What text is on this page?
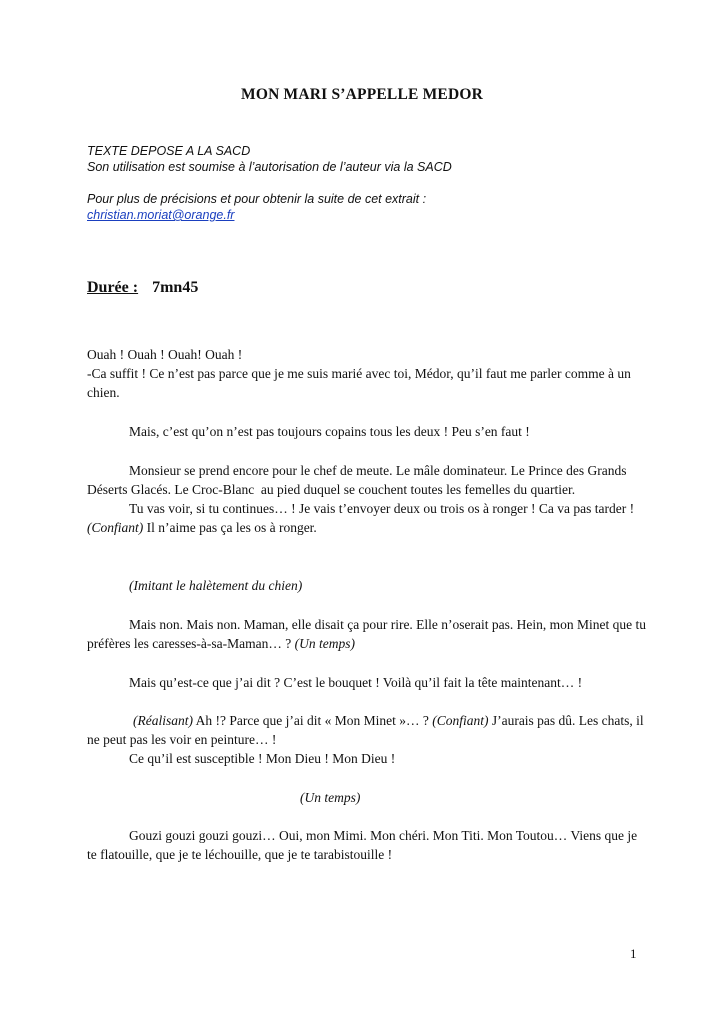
MON MARI S’APPELLE MEDOR

TEXTE DEPOSE A LA SACD

Son utilisation est soumise à l’autorisation de l’auteur via la SACD

Pour plus de précisions et pour obtenir la suite de cet extrait :

christian.moriat@orange.fr

Durée : 7mn45

Ouah ! Ouah ! Ouah! Ouah !

-Ca suffit ! Ce n’est pas parce que je me suis marié avec toi, Médor, qu’il faut me parler comme à un chien.

Mais, c’est qu’on n’est pas toujours copains tous les deux ! Peu s’en faut !

Monsieur se prend encore pour le chef de meute. Le mâle dominateur. Le Prince des Grands Déserts Glacés. Le Croc-Blanc  au pied duquel se couchent toutes les femelles du quartier.

Tu vas voir, si tu continues… ! Je vais t’envoyer deux ou trois os à ronger ! Ca va pas tarder ! (Confiant) Il n’aime pas ça les os à ronger.

(Imitant le halètement du chien)

Mais non. Mais non. Maman, elle disait ça pour rire. Elle n’oserait pas. Hein, mon Minet que tu préfères les caresses-à-sa-Maman… ? (Un temps)

Mais qu’est-ce que j’ai dit ? C’est le bouquet ! Voilà qu’il fait la tête maintenant… !

(Réalisant) Ah !? Parce que j’ai dit « Mon Minet »… ? (Confiant) J’aurais pas dû. Les chats, il ne peut pas les voir en peinture… !

Ce qu’il est susceptible ! Mon Dieu ! Mon Dieu !

(Un temps)

Gouzi gouzi gouzi gouzi… Oui, mon Mimi. Mon chéri. Mon Titi. Mon Toutou… Viens que je te flatouille, que je te léchouille, que je te tarabistouille !

1
